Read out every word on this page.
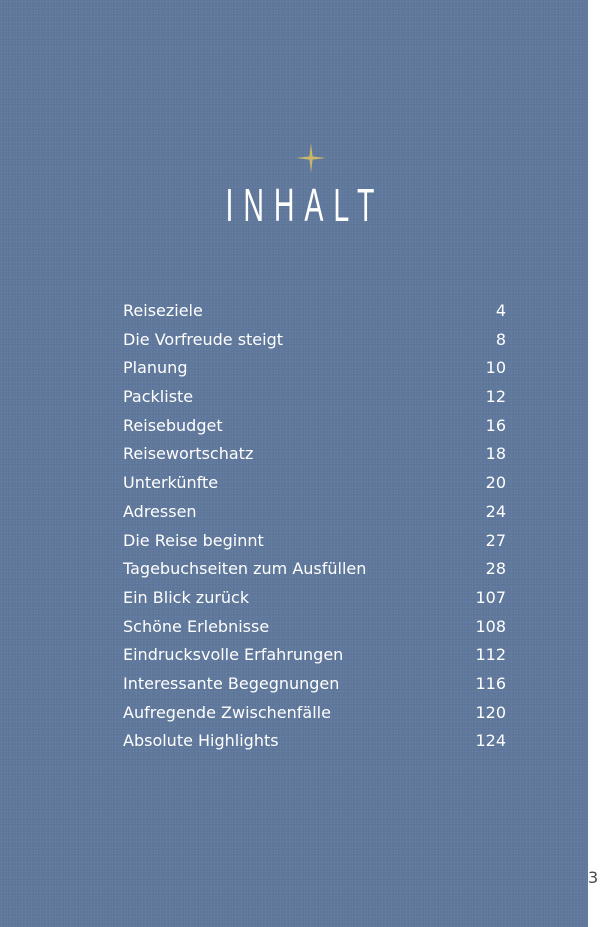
INHALT
Reiseziele	4
Die Vorfreude steigt	8
Planung	10
Packliste	12
Reisebudget	16
Reisewortschatz	18
Unterkünfte	20
Adressen	24
Die Reise beginnt	27
Tagebuchseiten zum Ausfüllen	28
Ein Blick zurück	107
Schöne Erlebnisse	108
Eindrucksvolle Erfahrungen	112
Interessante Begegnungen	116
Aufregende Zwischenfälle	120
Absolute Highlights	124
3
